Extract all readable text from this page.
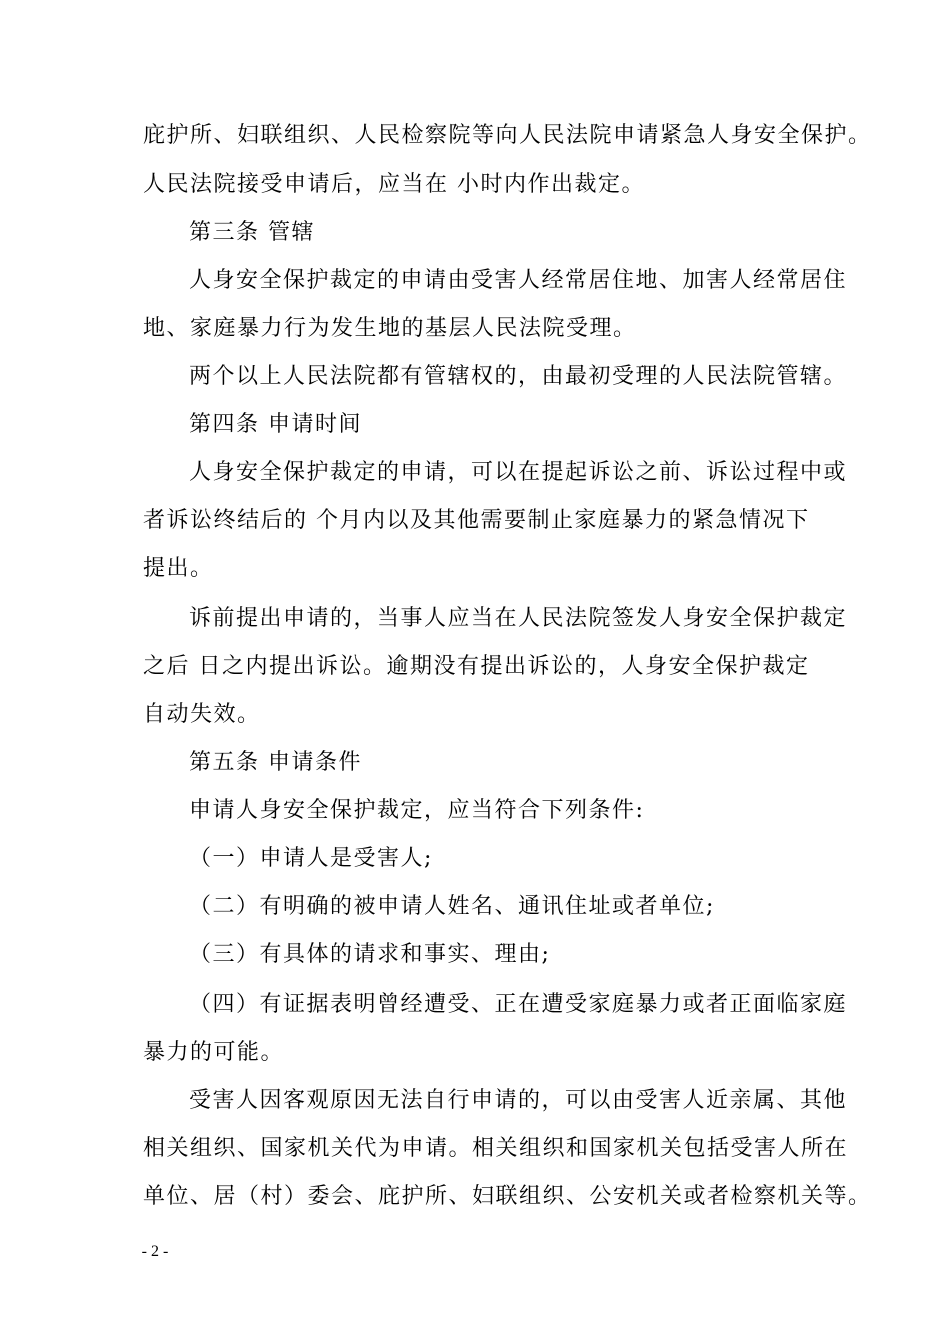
庇护所、妇联组织、人民检察院等向人民法院申请紧急人身安全保护。
人民法院接受申请后，应当在 小时内作出裁定。
第三条 管辖
人身安全保护裁定的申请由受害人经常居住地、加害人经常居住
地、家庭暴力行为发生地的基层人民法院受理。
两个以上人民法院都有管辖权的，由最初受理的人民法院管辖。
第四条 申请时间
人身安全保护裁定的申请，可以在提起诉讼之前、诉讼过程中或
者诉讼终结后的 个月内以及其他需要制止家庭暴力的紧急情况下
提出。
诉前提出申请的，当事人应当在人民法院签发人身安全保护裁定
之后 日之内提出诉讼。逾期没有提出诉讼的，人身安全保护裁定
自动失效。
第五条 申请条件
申请人身安全保护裁定，应当符合下列条件:
（一）申请人是受害人;
（二）有明确的被申请人姓名、通讯住址或者单位;
（三）有具体的请求和事实、理由;
（四）有证据表明曾经遭受、正在遭受家庭暴力或者正面临家庭
暴力的可能。
受害人因客观原因无法自行申请的，可以由受害人近亲属、其他
相关组织、国家机关代为申请。相关组织和国家机关包括受害人所在
单位、居（村）委会、庇护所、妇联组织、公安机关或者检察机关等。
- 2 -
